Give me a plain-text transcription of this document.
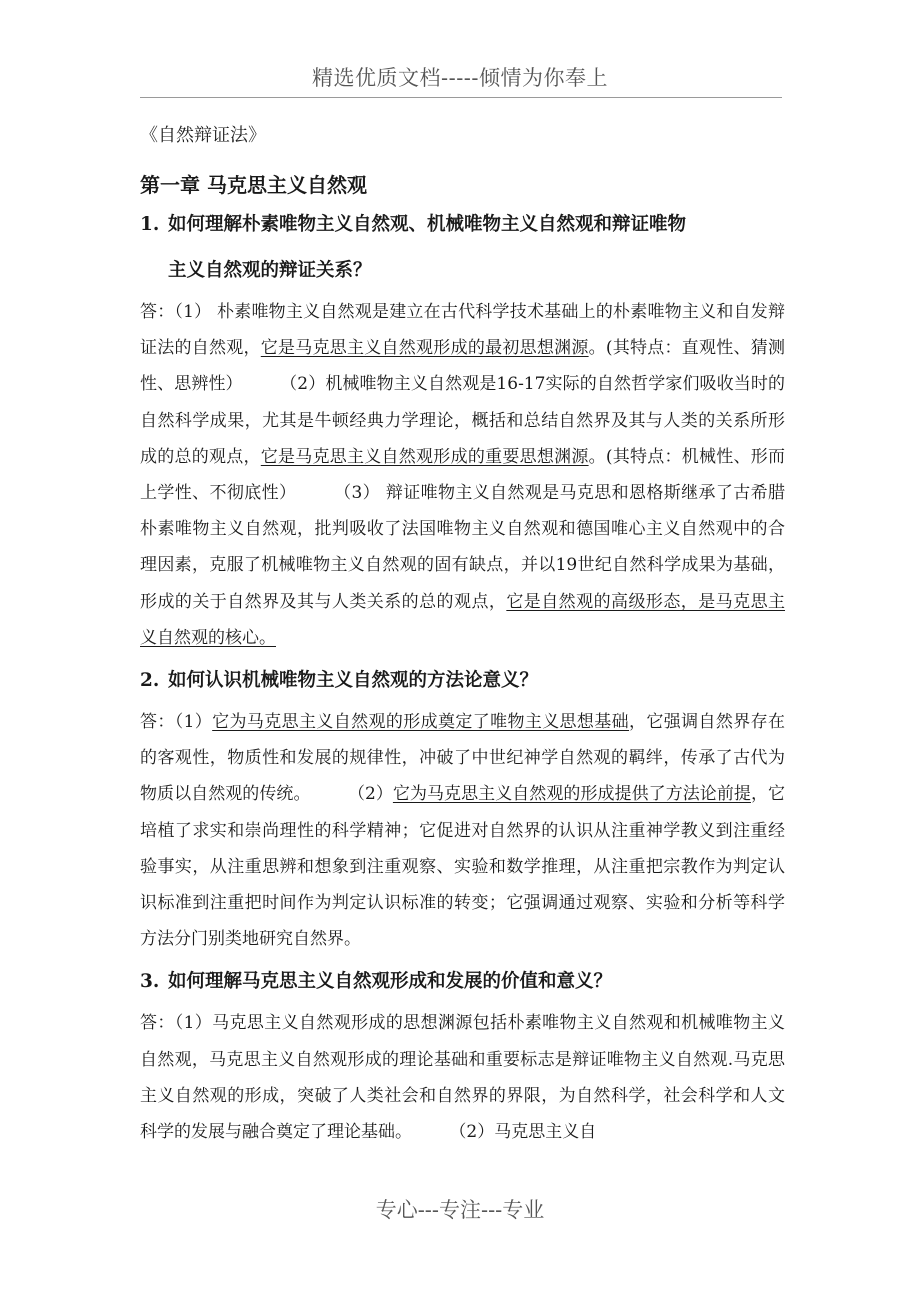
精选优质文档-----倾情为你奉上
《自然辩证法》
第一章 马克思主义自然观
1. 如何理解朴素唯物主义自然观、机械唯物主义自然观和辩证唯物
主义自然观的辩证关系？
答：（1） 朴素唯物主义自然观是建立在古代科学技术基础上的朴素唯物主义和自发辩证法的自然观，它是马克思主义自然观形成的最初思想渊源。(其特点：直观性、猜测性、思辨性） （2）机械唯物主义自然观是16-17实际的自然哲学家们吸收当时的自然科学成果，尤其是牛顿经典力学理论，概括和总结自然界及其与人类的关系所形成的总的观点，它是马克思主义自然观形成的重要思想渊源。(其特点：机械性、形而上学性、不彻底性） （3） 辩证唯物主义自然观是马克思和恩格斯继承了古希腊朴素唯物主义自然观，批判吸收了法国唯物主义自然观和德国唯心主义自然观中的合理因素，克服了机械唯物主义自然观的固有缺点，并以19世纪自然科学成果为基础，形成的关于自然界及其与人类关系的总的观点，它是自然观的高级形态，是马克思主义自然观的核心。
2. 如何认识机械唯物主义自然观的方法论意义？
答：（1）它为马克思主义自然观的形成奠定了唯物主义思想基础，它强调自然界存在的客观性，物质性和发展的规律性，冲破了中世纪神学自然观的羁绊，传承了古代为物质以自然观的传统。 （2）它为马克思主义自然观的形成提供了方法论前提，它培植了求实和崇尚理性的科学精神；它促进对自然界的认识从注重神学教义到注重经验事实，从注重思辨和想象到注重观察、实验和数学推理，从注重把宗教作为判定认识标准到注重把时间作为判定认识标准的转变；它强调通过观察、实验和分析等科学方法分门别类地研究自然界。
3. 如何理解马克思主义自然观形成和发展的价值和意义？
答：（1）马克思主义自然观形成的思想渊源包括朴素唯物主义自然观和机械唯物主义自然观，马克思主义自然观形成的理论基础和重要标志是辩证唯物主义自然观.马克思主义自然观的形成，突破了人类社会和自然界的界限，为自然科学，社会科学和人文科学的发展与融合奠定了理论基础。 （2）马克思主义自
专心---专注---专业
